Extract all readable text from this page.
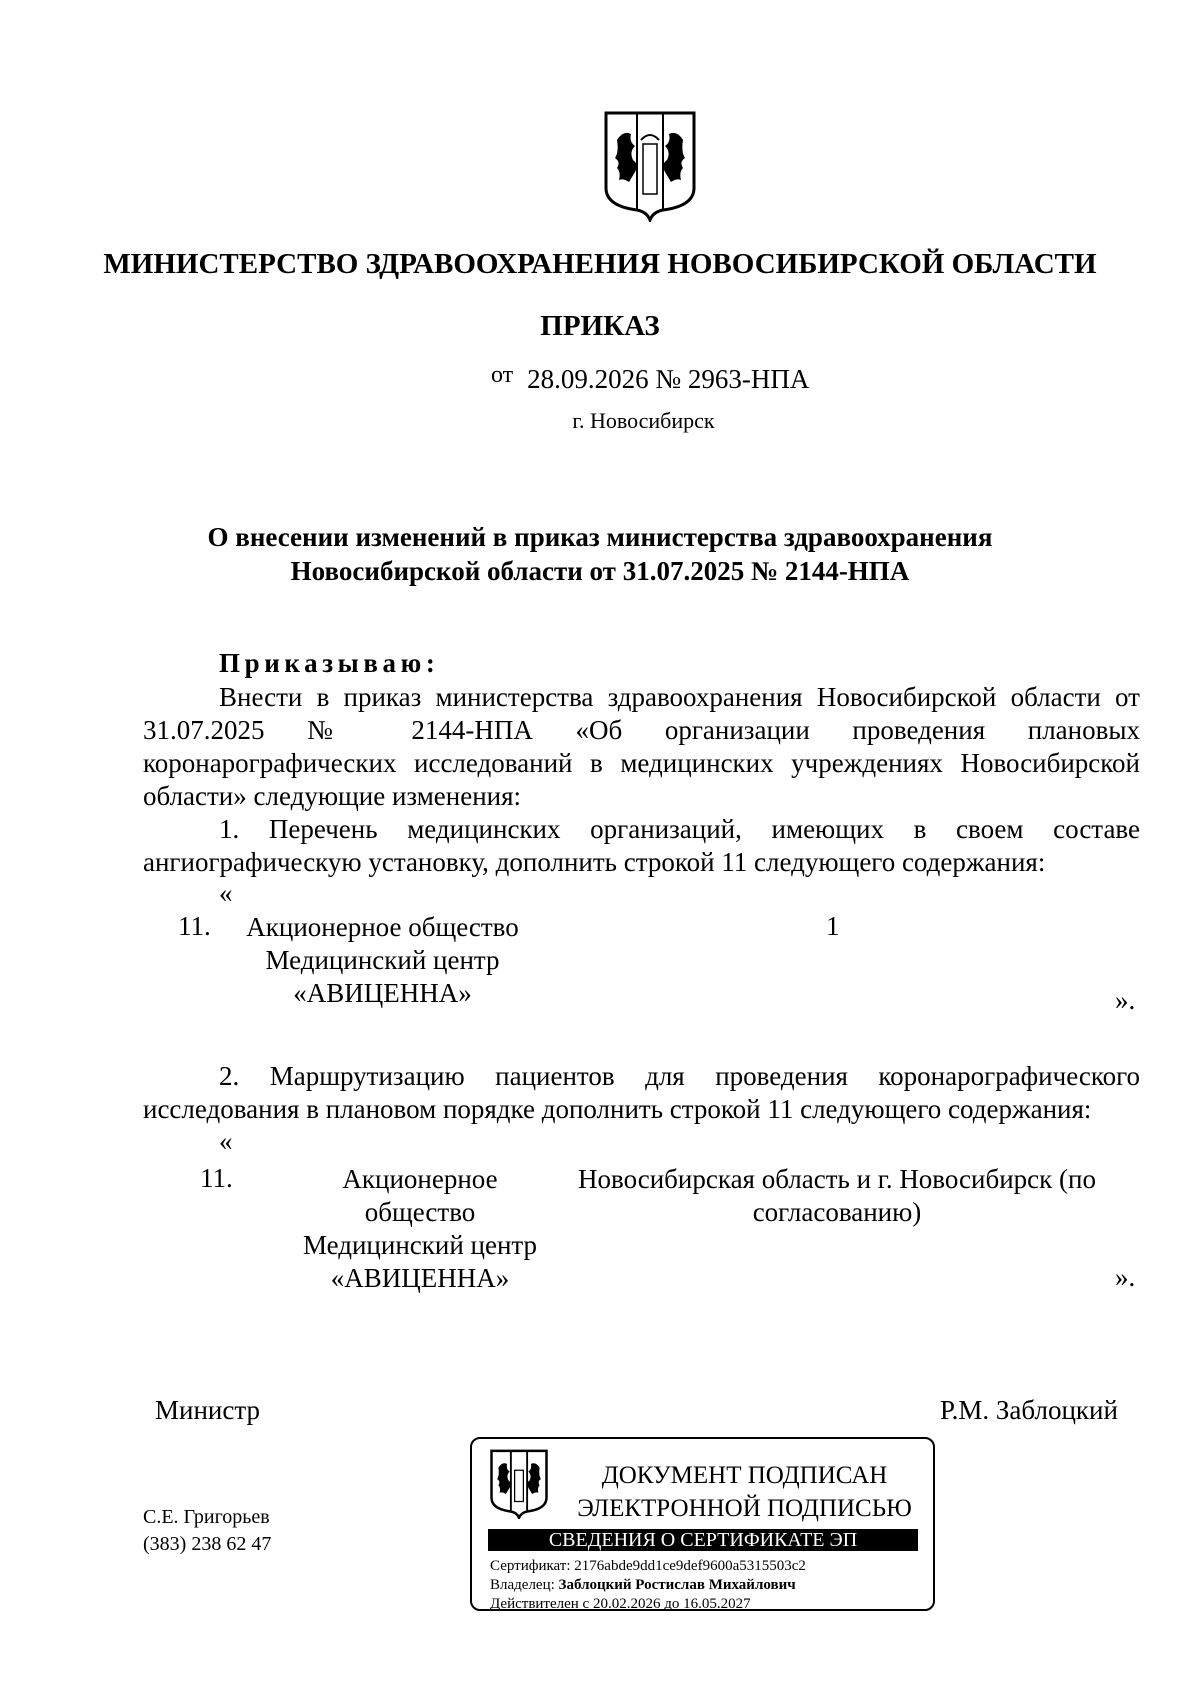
МИНИСТЕРСТВО ЗДРАВООХРАНЕНИЯ НОВОСИБИРСКОЙ ОБЛАСТИ
ПРИКАЗ
от 28.09.2026 № 2963-НПА
г. Новосибирск
О внесении изменений в приказ министерства здравоохранения
Новосибирской области от 31.07.2025 № 2144-НПА
Приказываю:
Внести в приказ министерства здравоохранения Новосибирской области от 31.07.2025 № 2144-НПА «Об организации проведения плановых коронарографических исследований в медицинских учреждениях Новосибирской области» следующие изменения:
1. Перечень медицинских организаций, имеющих в своем составе ангиографическую установку, дополнить строкой 11 следующего содержания:
«
11. Акционерное общество
Медицинский центр
«АВИЦЕННА»
1
».
2. Маршрутизацию пациентов для проведения коронарографического исследования в плановом порядке дополнить строкой 11 следующего содержания:
«
11.	Акционерное
общество
Медицинский центр
«АВИЦЕННА»
Новосибирская область и г. Новосибирск (по
согласованию)
».
Министр	Р.М. Заблоцкий
С.Е. Григорьев
(383) 238 62 47
ДОКУМЕНТ ПОДПИСАН
ЭЛЕКТРОННОЙ ПОДПИСЬЮ
СВЕДЕНИЯ О СЕРТИФИКАТЕ ЭП
Сертификат: 2176abde9dd1ce9def9600a5315503c2
Владелец: Заблоцкий Ростислав Михайлович
Действителен с 20.02.2026 до 16.05.2027
